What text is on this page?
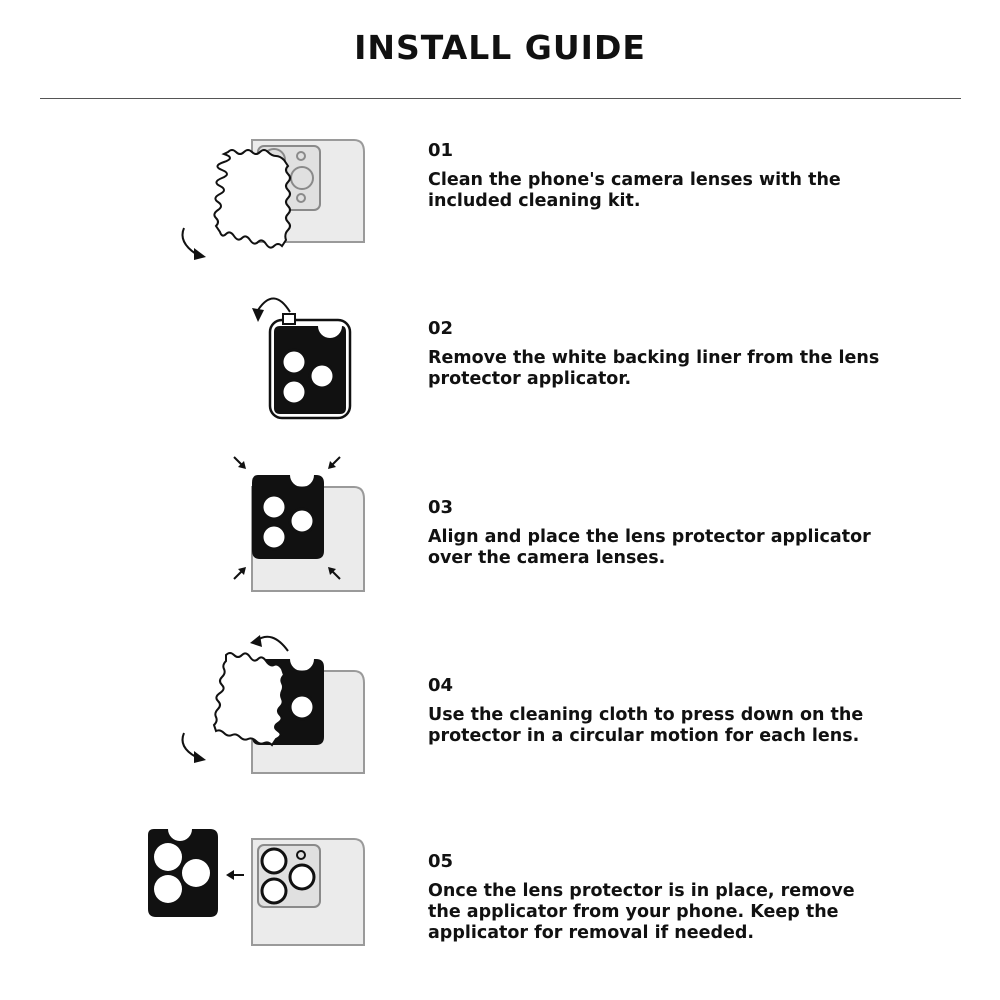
INSTALL GUIDE

01

Clean the phone's camera lenses with the included cleaning kit.

02

Remove the white backing liner from the lens protector applicator.

03

Align and place the lens protector applicator over the camera lenses.

04

Use the cleaning cloth to press down on the protector in a circular motion for each lens.

05

Once the lens protector is in place, remove the applicator from your phone. Keep the applicator for removal if needed.
